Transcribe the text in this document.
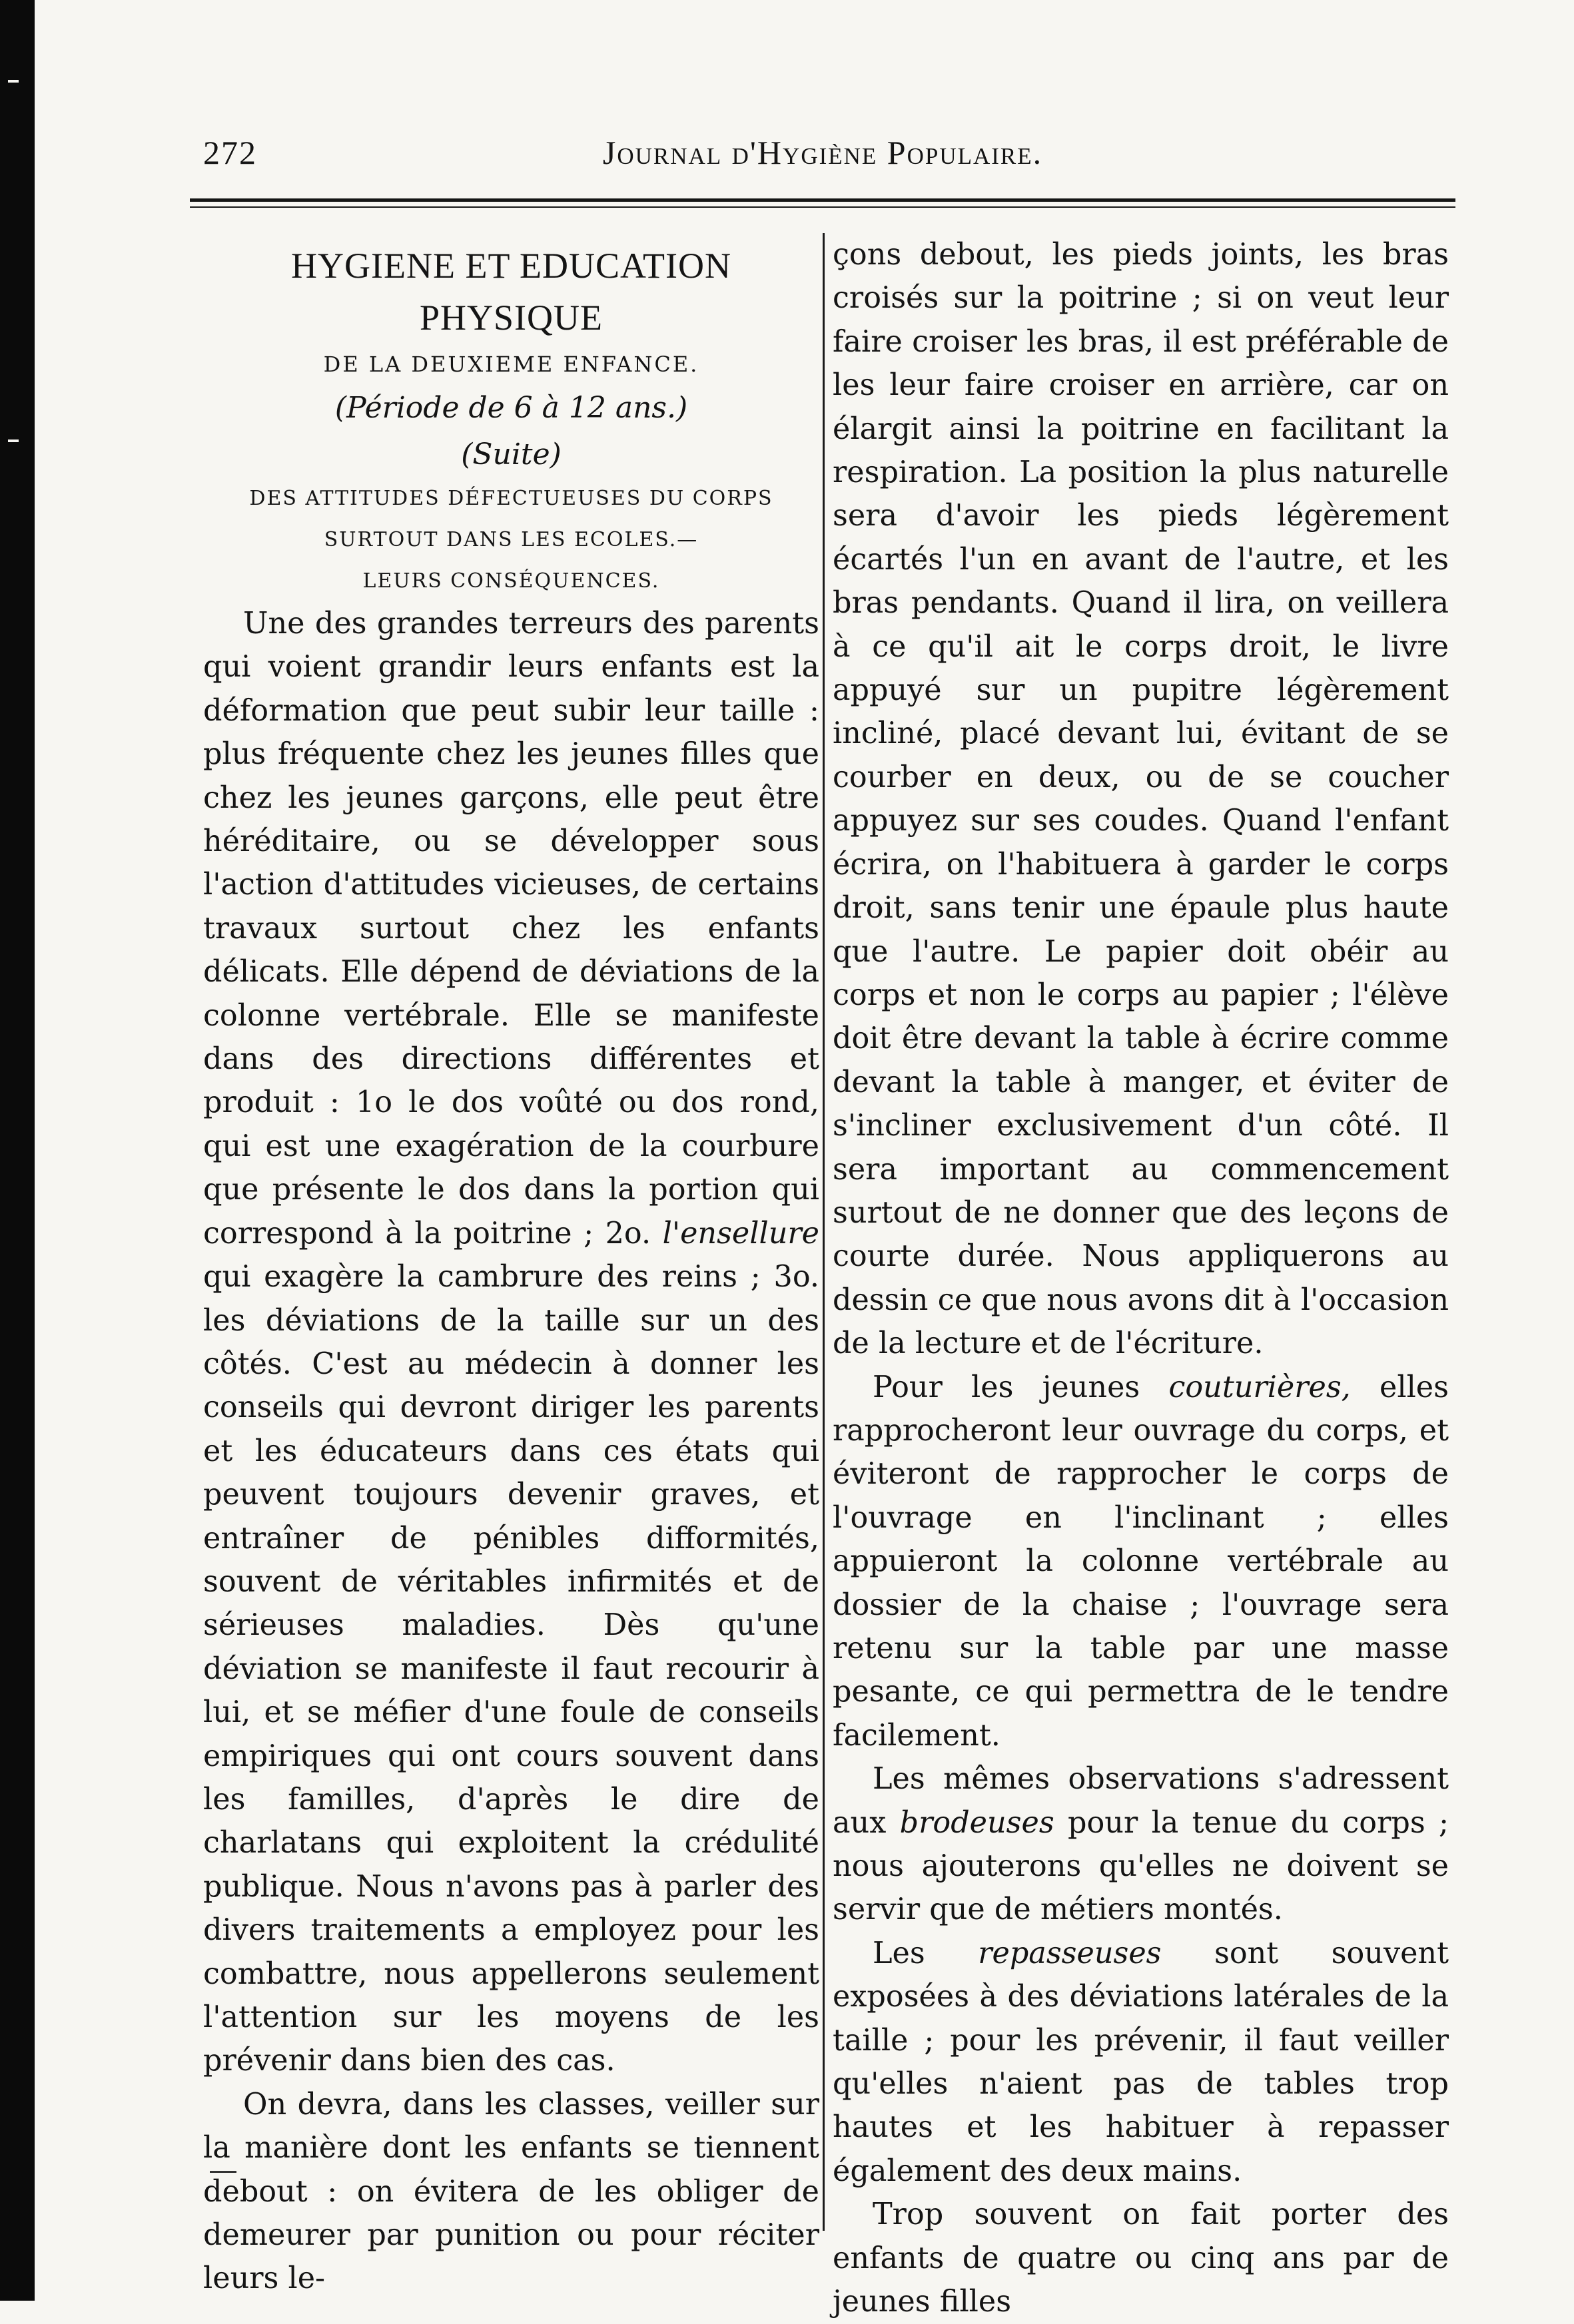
272	Journal d'Hygiène Populaire.
HYGIENE ET EDUCATION PHYSIQUE
DE LA DEUXIEME ENFANCE.
(Période de 6 à 12 ans.)
(Suite)
DES ATTITUDES DÉFECTUEUSES DU CORPS
SURTOUT DANS LES ECOLES.—
LEURS CONSÉQUENCES.

Une des grandes terreurs des parents qui voient grandir leurs enfants est la déformation que peut subir leur taille : plus fréquente chez les jeunes filles que chez les jeunes garçons, elle peut être héréditaire, ou se développer sous l'action d'attitudes vicieuses, de certains travaux surtout chez les enfants délicats. Elle dépend de déviations de la colonne vertébrale. Elle se manifeste dans des directions différentes et produit : 1o le dos voûté ou dos rond, qui est une exagération de la courbure que présente le dos dans la portion qui correspond à la poitrine ; 2o. l'ensellure qui exagère la cambrure des reins ; 3o. les déviations de la taille sur un des côtés. C'est au médecin à donner les conseils qui devront diriger les parents et les éducateurs dans ces états qui peuvent toujours devenir graves, et entraîner de pénibles difformités, souvent de véritables infirmités et de sérieuses maladies. Dès qu'une déviation se manifeste il faut recourir à lui, et se méfier d'une foule de conseils empiriques qui ont cours souvent dans les familles, d'après le dire de charlatans qui exploitent la crédulité publique. Nous n'avons pas à parler des divers traitements a employez pour les combattre, nous appellerons seulement l'attention sur les moyens de les prévenir dans bien des cas.

On devra, dans les classes, veiller sur la manière dont les enfants se tiennent debout : on évitera de les obliger de demeurer par punition ou pour réciter leurs le-

çons debout, les pieds joints, les bras croisés sur la poitrine ; si on veut leur faire croiser les bras, il est préférable de les leur faire croiser en arrière, car on élargit ainsi la poitrine en facilitant la respiration. La position la plus naturelle sera d'avoir les pieds légèrement écartés l'un en avant de l'autre, et les bras pendants. Quand il lira, on veillera à ce qu'il ait le corps droit, le livre appuyé sur un pupitre légèrement incliné, placé devant lui, évitant de se courber en deux, ou de se coucher appuyez sur ses coudes. Quand l'enfant écrira, on l'habituera à garder le corps droit, sans tenir une épaule plus haute que l'autre. Le papier doit obéir au corps et non le corps au papier ; l'élève doit être devant la table à écrire comme devant la table à manger, et éviter de s'incliner exclusivement d'un côté. Il sera important au commencement surtout de ne donner que des leçons de courte durée. Nous appliquerons au dessin ce que nous avons dit à l'occasion de la lecture et de l'écriture.

Pour les jeunes couturières, elles rapprocheront leur ouvrage du corps, et éviteront de rapprocher le corps de l'ouvrage en l'inclinant ; elles appuieront la colonne vertébrale au dossier de la chaise ; l'ouvrage sera retenu sur la table par une masse pesante, ce qui permettra de le tendre facilement.

Les mêmes observations s'adressent aux brodeuses pour la tenue du corps ; nous ajouterons qu'elles ne doivent se servir que de métiers montés.

Les repasseuses sont souvent exposées à des déviations latérales de la taille ; pour les prévenir, il faut veiller qu'elles n'aient pas de tables trop hautes et les habituer à repasser également des deux mains.

Trop souvent on fait porter des enfants de quatre ou cinq ans par de jeunes filles
